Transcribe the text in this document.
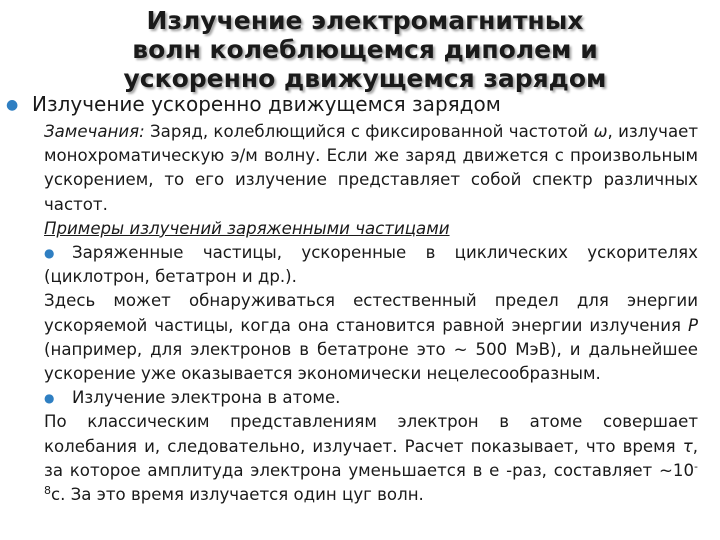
Излучение электромагнитных
волн колеблющемся диполем и
ускоренно движущемся зарядом
● Излучение ускоренно движущемся зарядом
Замечания: Заряд, колеблющийся с фиксированной частотой ω, излучает монохроматическую э/м волну. Если же заряд движется с произвольным ускорением, то его излучение представляет собой спектр различных частот.
Примеры излучений заряженными частицами
● Заряженные частицы, ускоренные в циклических ускорителях (циклотрон, бетатрон и др.).
Здесь может обнаруживаться естественный предел для энергии ускоряемой частицы, когда она становится равной энергии излучения P (например, для электронов в бетатроне это ~ 500 МэВ), и дальнейшее ускорение уже оказывается экономически нецелесообразным.
● Излучение электрона в атоме.
По классическим представлениям электрон в атоме совершает колебания и, следовательно, излучает. Расчет показывает, что время τ, за которое амплитуда электрона уменьшается в е -раз, составляет $\sim 10^{-8}с$. За это время излучается один цуг волн.
